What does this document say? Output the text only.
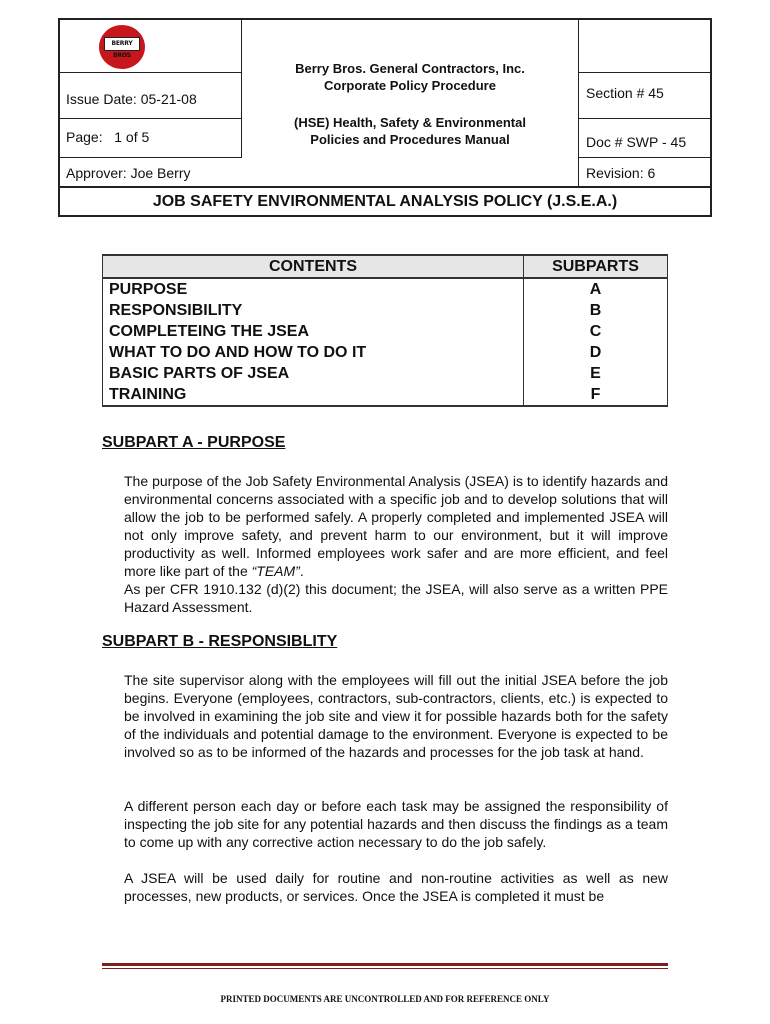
BERRY BROS
Berry Bros. General Contractors, Inc.
Corporate Policy Procedure
(HSE) Health, Safety & Environmental
Policies and Procedures Manual
Issue Date: 05-21-08
Page:   1 of 5
Approver: Joe Berry
Section # 45
Doc # SWP - 45
Revision: 6
JOB SAFETY ENVIRONMENTAL ANALYSIS POLICY (J.S.E.A.)
CONTENTS	SUBPARTS
PURPOSE	A
RESPONSIBILITY	B
COMPLETEING THE JSEA	C
WHAT TO DO AND HOW TO DO IT	D
BASIC PARTS OF JSEA	E
TRAINING	F
SUBPART A - PURPOSE
The purpose of the Job Safety Environmental Analysis (JSEA) is to identify hazards and environmental concerns associated with a specific job and to develop solutions that will allow the job to be performed safely. A properly completed and implemented JSEA will not only improve safety, and prevent harm to our environment, but it will improve productivity as well. Informed employees work safer and are more efficient, and feel more like part of the “TEAM”.

As per CFR 1910.132 (d)(2) this document; the JSEA, will also serve as a written PPE Hazard Assessment.
SUBPART B - RESPONSIBLITY
The site supervisor along with the employees will fill out the initial JSEA before the job begins. Everyone (employees, contractors, sub-contractors, clients, etc.) is expected to be involved in examining the job site and view it for possible hazards both for the safety of the individuals and potential damage to the environment. Everyone is expected to be involved so as to be informed of the hazards and processes for the job task at hand.
A different person each day or before each task may be assigned the responsibility of inspecting the job site for any potential hazards and then discuss the findings as a team to come up with any corrective action necessary to do the job safely.
A JSEA will be used daily for routine and non-routine activities as well as new processes, new products, or services. Once the JSEA is completed it must be
PRINTED DOCUMENTS ARE UNCONTROLLED AND FOR REFERENCE ONLY
